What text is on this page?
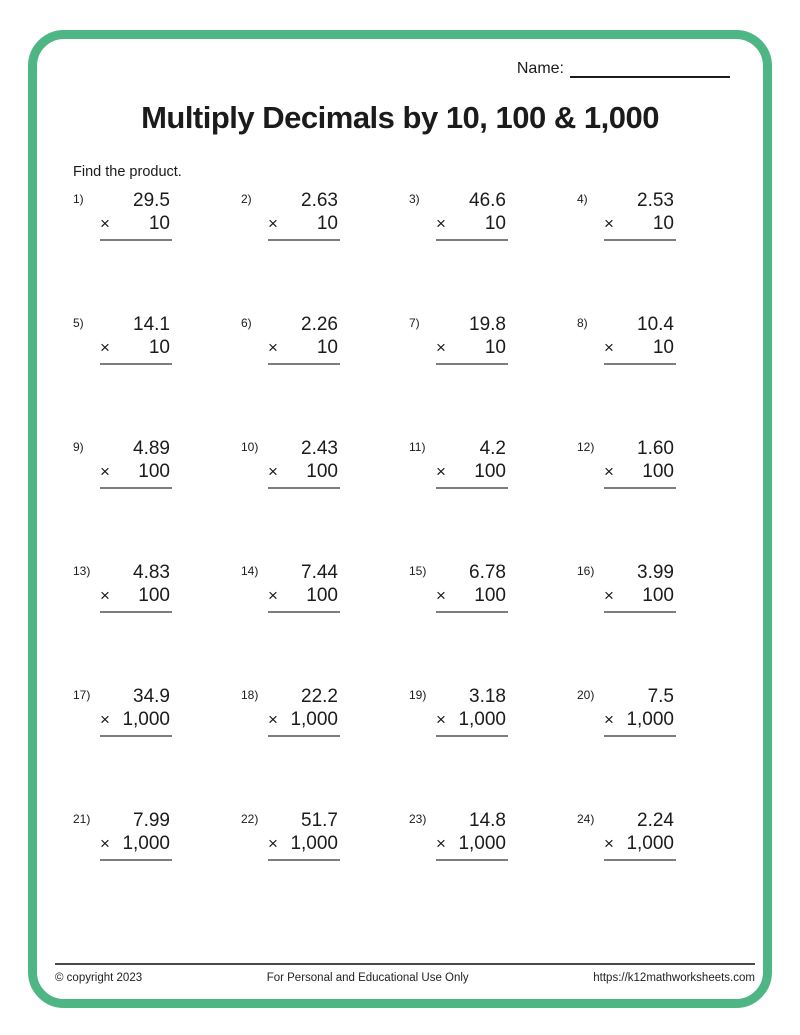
Name:
Multiply Decimals by 10, 100 & 1,000
Find the product.
1)	29.5
× 10
2)	2.63
× 10
3)	46.6
× 10
4)	2.53
× 10
5)	14.1
× 10
6)	2.26
× 10
7)	19.8
× 10
8)	10.4
× 10
9)	4.89
× 100
10)	2.43
× 100
11)	4.2
× 100
12)	1.60
× 100
13)	4.83
× 100
14)	7.44
× 100
15)	6.78
× 100
16)	3.99
× 100
17)	34.9
× 1,000
18)	22.2
× 1,000
19)	3.18
× 1,000
20)	7.5
× 1,000
21)	7.99
× 1,000
22)	51.7
× 1,000
23)	14.8
× 1,000
24)	2.24
× 1,000
© copyright 2023	For Personal and Educational Use Only	https://k12mathworksheets.com
